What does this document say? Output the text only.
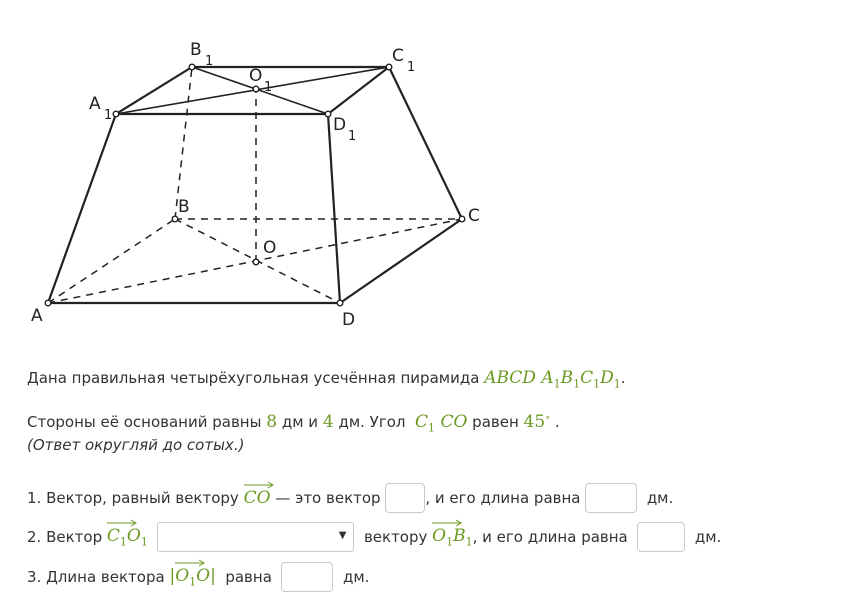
A
B	C
D
O
A
1
B
1	C
1
D
1
O
1
Дана правильная четырёхугольная усечённая пирамида ABCD $A_1B_1C_1D_1$.
Стороны её оснований равны 8 дм и 4 дм. Угол $C_1$ CO равен 45∘ .
(Ответ округляй до сотых.)
1. Вектор, равный вектору
CO
— это вектор
	, и его длина равна

	дм.
2. Вектор
$C_1O_1$
	▼
вектору
$O_1B_1$ , и его длина равна

	дм.
3. Длина вектора
$|O_1O|$
равна

	дм.
